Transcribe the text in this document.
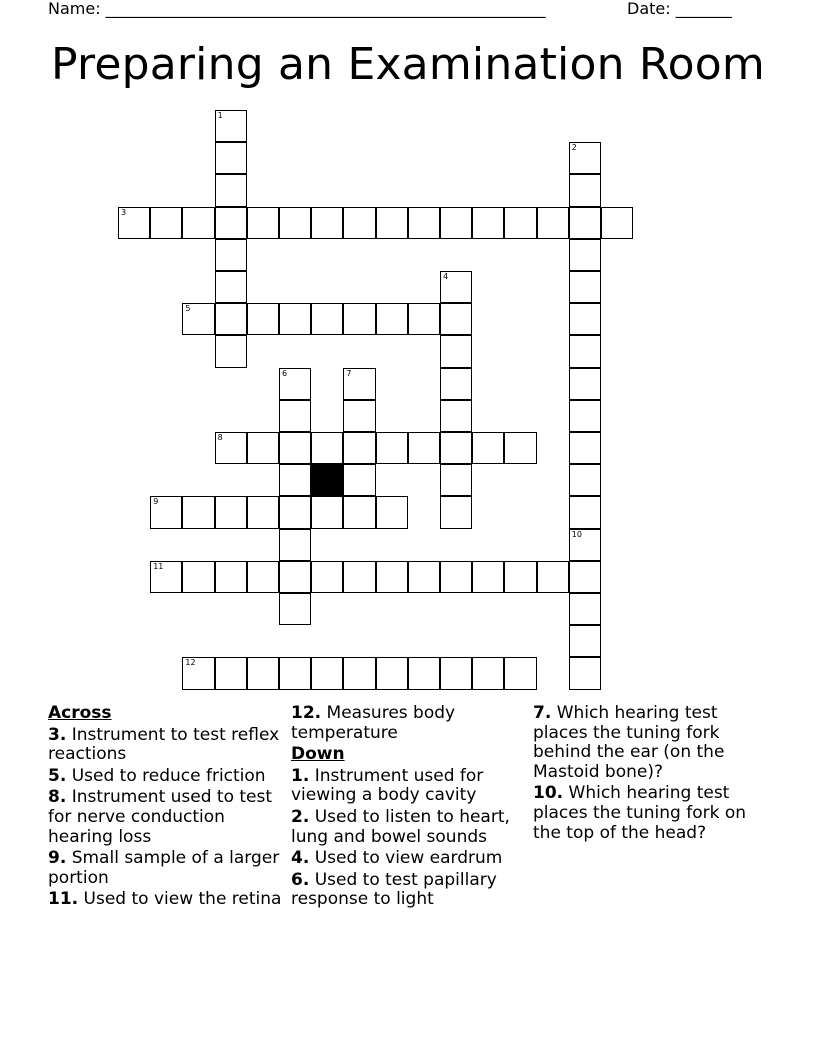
Name: _______________________________________________________	Date: _______
Preparing an Examination Room
1
2
3
4
5
6	7
8
9
10
11
12
Across
3. Instrument to test reflex reactions
5. Used to reduce friction
8. Instrument used to test for nerve conduction hearing loss
9. Small sample of a larger portion
11. Used to view the retina
12. Measures body temperature
Down
1. Instrument used for viewing a body cavity
2. Used to listen to heart, lung and bowel sounds
4. Used to view eardrum
6. Used to test papillary response to light
7. Which hearing test places the tuning fork behind the ear (on the Mastoid bone)?
10. Which hearing test places the tuning fork on the top of the head?
